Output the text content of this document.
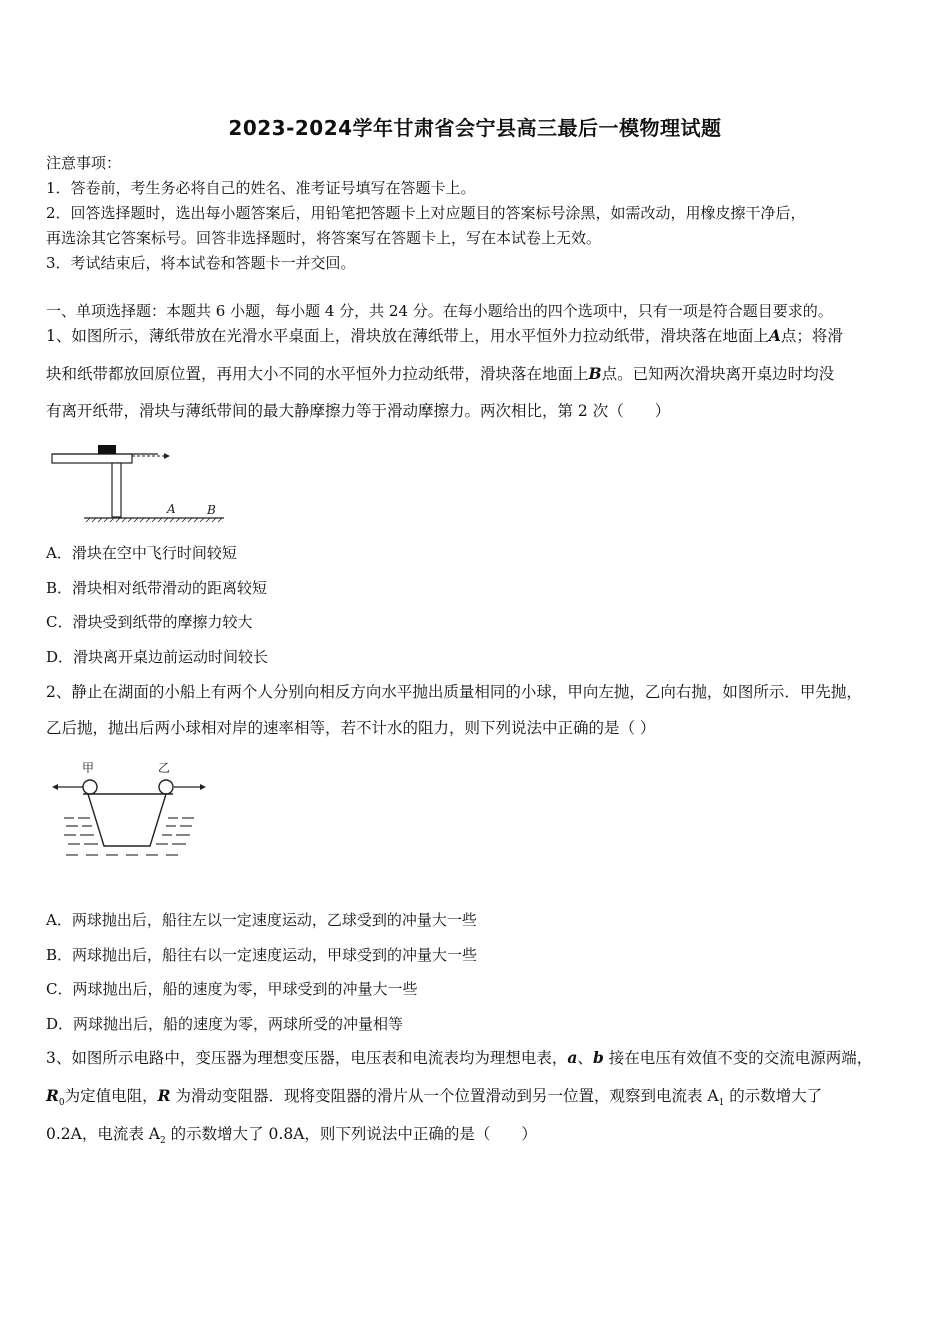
2023-2024学年甘肃省会宁县高三最后一模物理试题
注意事项：
1．答卷前，考生务必将自己的姓名、准考证号填写在答题卡上。
2．回答选择题时，选出每小题答案后，用铅笔把答题卡上对应题目的答案标号涂黑，如需改动，用橡皮擦干净后，
再选涂其它答案标号。回答非选择题时，将答案写在答题卡上，写在本试卷上无效。
3．考试结束后，将本试卷和答题卡一并交回。
一、单项选择题：本题共 6 小题，每小题 4 分，共 24 分。在每小题给出的四个选项中，只有一项是符合题目要求的。
1、如图所示，薄纸带放在光滑水平桌面上，滑块放在薄纸带上，用水平恒外力拉动纸带，滑块落在地面上A点；将滑
块和纸带都放回原位置，再用大小不同的水平恒外力拉动纸带，滑块落在地面上B点。已知两次滑块离开桌边时均没
有离开纸带，滑块与薄纸带间的最大静摩擦力等于滑动摩擦力。两次相比，第 2 次（　　）
A	B
A．滑块在空中飞行时间较短
B．滑块相对纸带滑动的距离较短
C．滑块受到纸带的摩擦力较大
D．滑块离开桌边前运动时间较长
2、静止在湖面的小船上有两个人分别向相反方向水平抛出质量相同的小球，甲向左抛，乙向右抛，如图所示．甲先抛，
乙后抛，抛出后两小球相对岸的速率相等，若不计水的阻力，则下列说法中正确的是（ ）
甲	乙
A．两球抛出后，船往左以一定速度运动，乙球受到的冲量大一些
B．两球抛出后，船往右以一定速度运动，甲球受到的冲量大一些
C．两球抛出后，船的速度为零，甲球受到的冲量大一些
D．两球抛出后，船的速度为零，两球所受的冲量相等
3、如图所示电路中，变压器为理想变压器，电压表和电流表均为理想电表，a、b 接在电压有效值不变的交流电源两端，
$R_0$为定值电阻，R 为滑动变阻器．现将变阻器的滑片从一个位置滑动到另一位置，观察到电流表 $A_1$ 的示数增大了
0.2A，电流表 $A_2$ 的示数增大了 0.8A，则下列说法中正确的是（　　）
